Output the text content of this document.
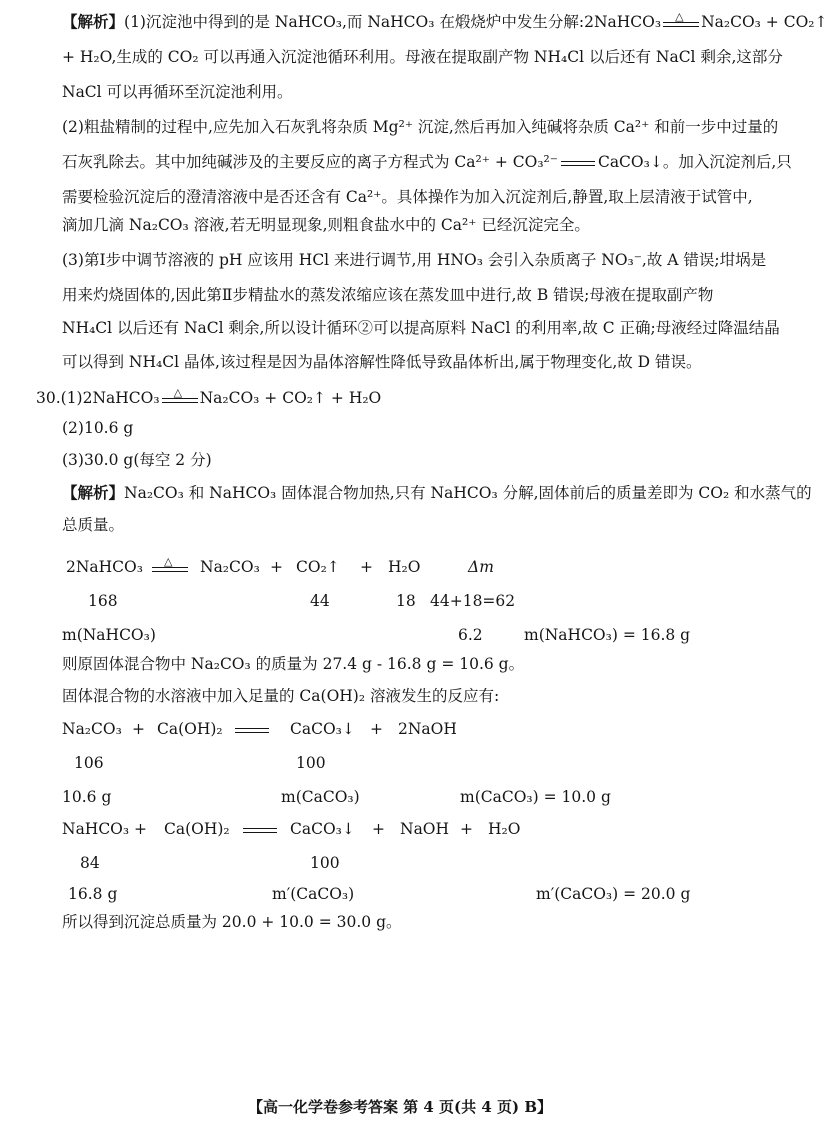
【解析】(1)沉淀池中得到的是 NaHCO₃,而 NaHCO₃ 在煅烧炉中发生分解:2NaHCO₃ △ Na₂CO₃ + CO₂↑
+ H₂O,生成的 CO₂ 可以再通入沉淀池循环利用。母液在提取副产物 NH₄Cl 以后还有 NaCl 剩余,这部分
NaCl 可以再循环至沉淀池利用。
(2)粗盐精制的过程中,应先加入石灰乳将杂质 Mg²⁺ 沉淀,然后再加入纯碱将杂质 Ca²⁺ 和前一步中过量的
石灰乳除去。其中加纯碱涉及的主要反应的离子方程式为 Ca²⁺ + CO₃²⁻	CaCO₃↓。加入沉淀剂后,只
需要检验沉淀后的澄清溶液中是否还含有 Ca²⁺。具体操作为加入沉淀剂后,静置,取上层清液于试管中,
滴加几滴 Na₂CO₃ 溶液,若无明显现象,则粗食盐水中的 Ca²⁺ 已经沉淀完全。
(3)第Ⅰ步中调节溶液的 pH 应该用 HCl 来进行调节,用 HNO₃ 会引入杂质离子 NO₃⁻,故 A 错误;坩埚是
用来灼烧固体的,因此第Ⅱ步精盐水的蒸发浓缩应该在蒸发皿中进行,故 B 错误;母液在提取副产物
NH₄Cl 以后还有 NaCl 剩余,所以设计循环②可以提高原料 NaCl 的利用率,故 C 正确;母液经过降温结晶
可以得到 NH₄Cl 晶体,该过程是因为晶体溶解性降低导致晶体析出,属于物理变化,故 D 错误。
30.(1)2NaHCO₃ △ Na₂CO₃ + CO₂↑ + H₂O
(2)10.6 g
(3)30.0 g(每空 2 分)
【解析】Na₂CO₃ 和 NaHCO₃ 固体混合物加热,只有 NaHCO₃ 分解,固体前后的质量差即为 CO₂ 和水蒸气的
总质量。
2NaHCO₃ △ Na₂CO₃ + CO₂↑ + H₂O	Δm
168	44	18 44+18=62
m(NaHCO₃)	6.2	m(NaHCO₃) = 16.8 g
则原固体混合物中 Na₂CO₃ 的质量为 27.4 g - 16.8 g = 10.6 g。
固体混合物的水溶液中加入足量的 Ca(OH)₂ 溶液发生的反应有:
Na₂CO₃ + Ca(OH)₂	CaCO₃↓ + 2NaOH
106	100
10.6 g	m(CaCO₃)	m(CaCO₃) = 10.0 g
NaHCO₃ + Ca(OH)₂	CaCO₃↓ + NaOH + H₂O
84	100
16.8 g	m′(CaCO₃)	m′(CaCO₃) = 20.0 g
所以得到沉淀总质量为 20.0 + 10.0 = 30.0 g。
【高一化学卷参考答案 第 4 页(共 4 页) B】
